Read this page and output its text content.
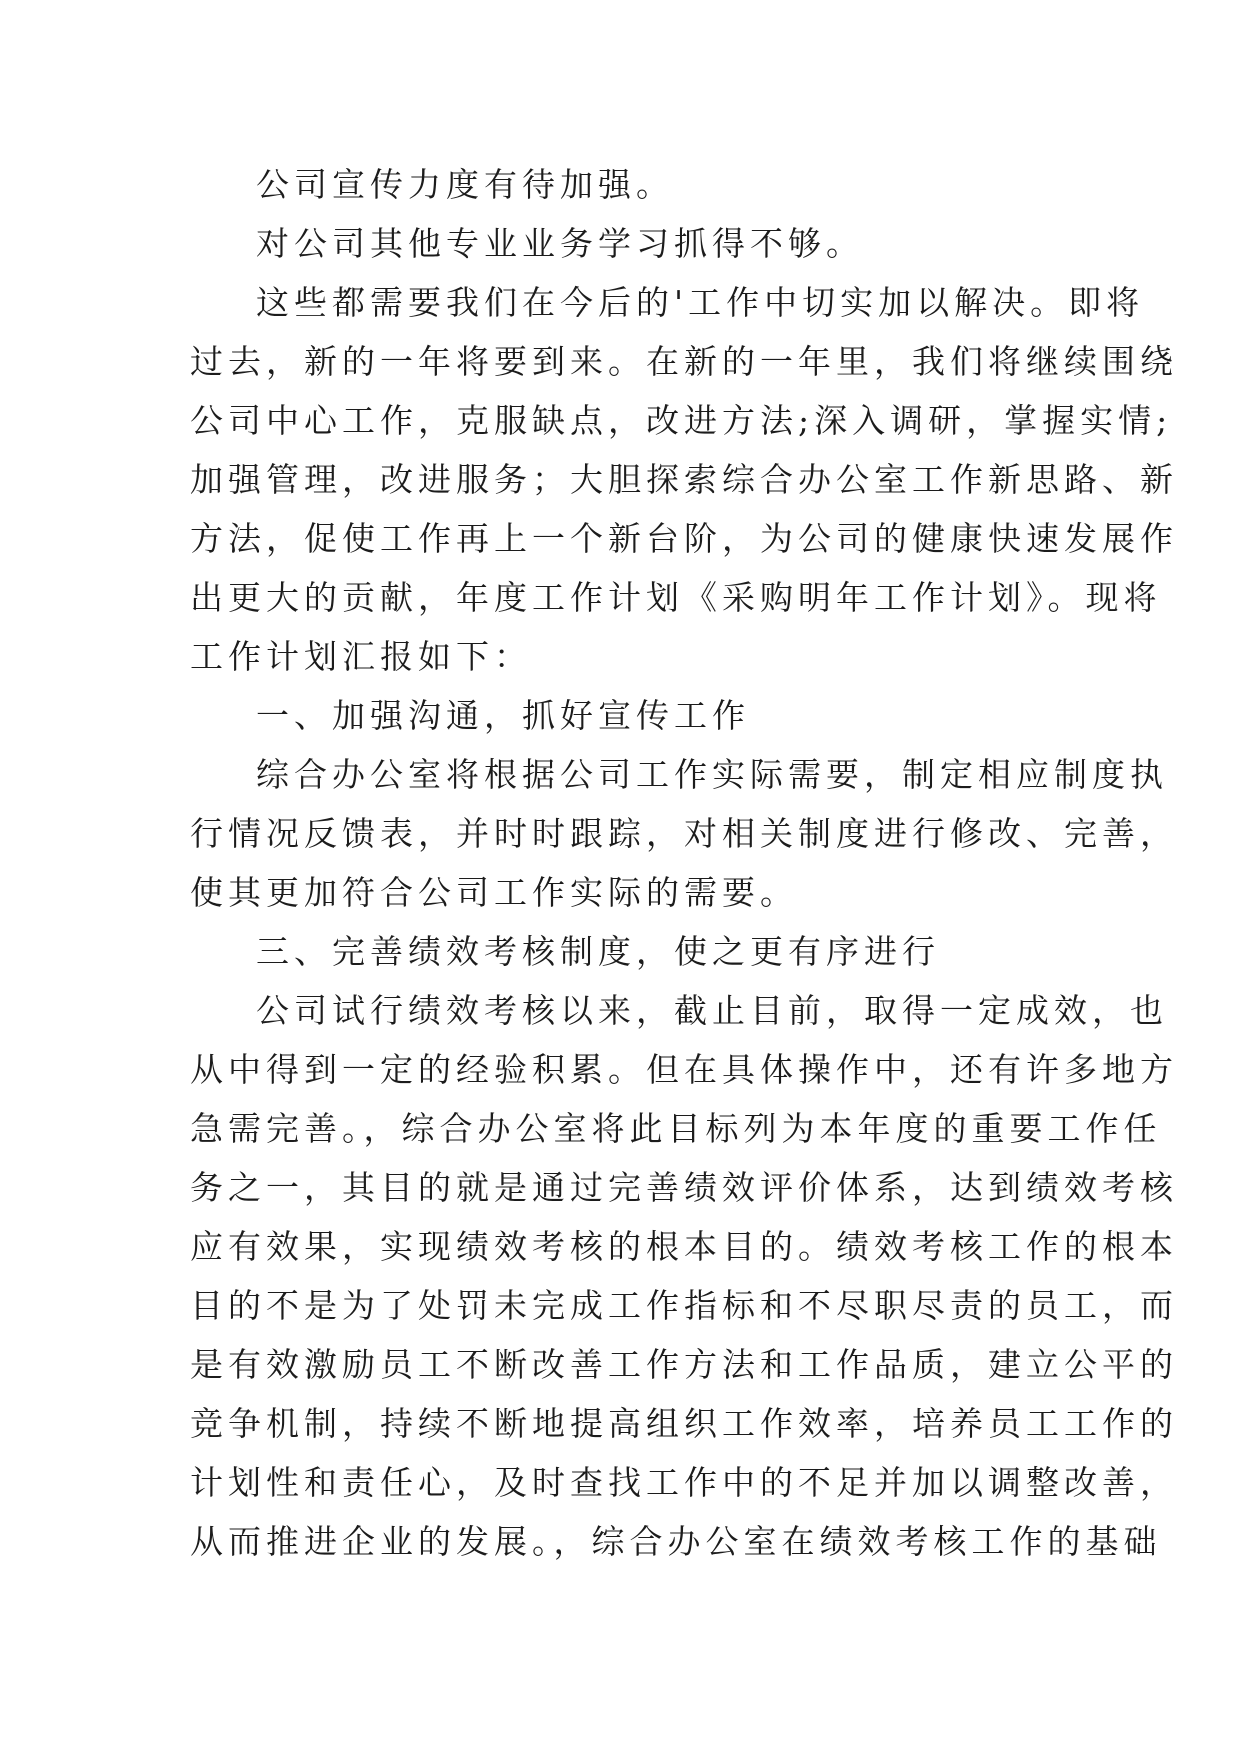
公司宣传力度有待加强。
对公司其他专业业务学习抓得不够。
这些都需要我们在今后的'工作中切实加以解决。即将
过去，新的一年将要到来。在新的一年里，我们将继续围绕
公司中心工作，克服缺点，改进方法;深入调研，掌握实情;
加强管理，改进服务；大胆探索综合办公室工作新思路、新
方法，促使工作再上一个新台阶，为公司的健康快速发展作
出更大的贡献，年度工作计划《采购明年工作计划》。现将
工作计划汇报如下：
一、加强沟通，抓好宣传工作
综合办公室将根据公司工作实际需要，制定相应制度执
行情况反馈表，并时时跟踪，对相关制度进行修改、完善，
使其更加符合公司工作实际的需要。
三、完善绩效考核制度，使之更有序进行
公司试行绩效考核以来，截止目前，取得一定成效，也
从中得到一定的经验积累。但在具体操作中，还有许多地方
急需完善。，综合办公室将此目标列为本年度的重要工作任
务之一，其目的就是通过完善绩效评价体系，达到绩效考核
应有效果，实现绩效考核的根本目的。绩效考核工作的根本
目的不是为了处罚未完成工作指标和不尽职尽责的员工，而
是有效激励员工不断改善工作方法和工作品质，建立公平的
竞争机制，持续不断地提高组织工作效率，培养员工工作的
计划性和责任心，及时查找工作中的不足并加以调整改善，
从而推进企业的发展。，综合办公室在绩效考核工作的基础
